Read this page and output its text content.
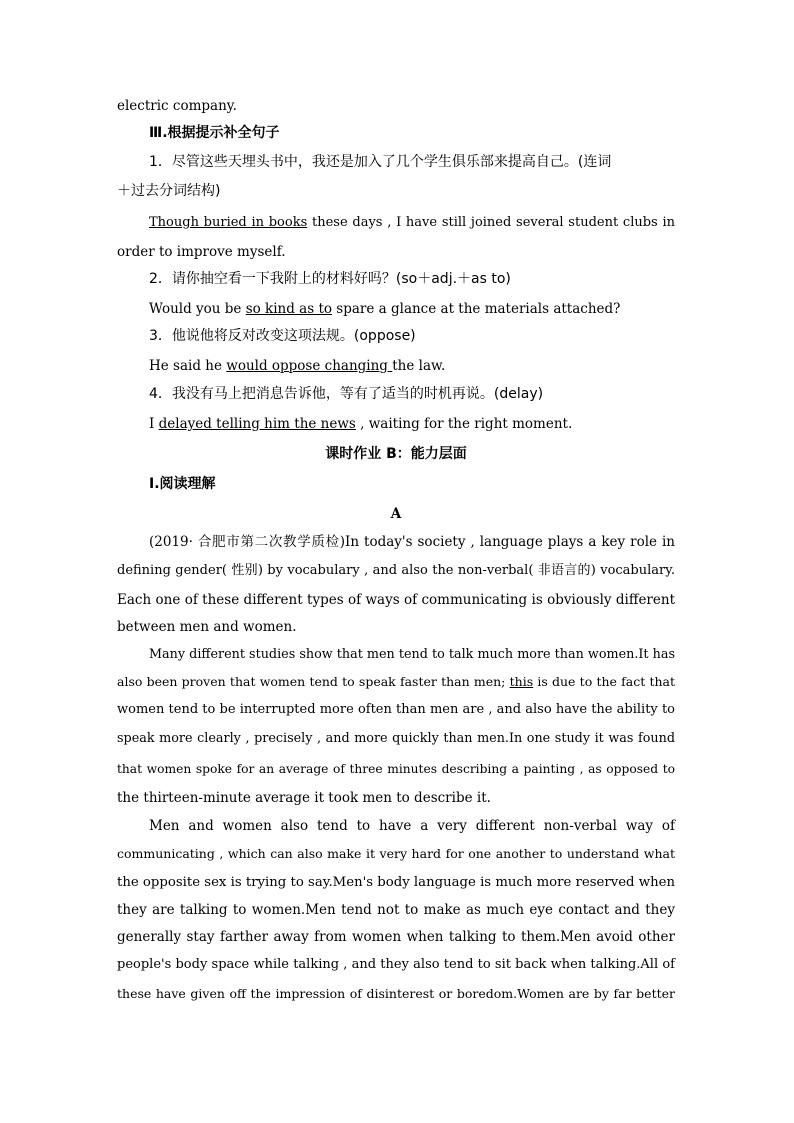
electric company.
Ⅲ.根据提示补全句子
1．尽管这些天埋头书中，我还是加入了几个学生俱乐部来提高自己。(连词
＋过去分词结构)
Though buried in books these days , I have still joined several student clubs in
order to improve myself.
2．请你抽空看一下我附上的材料好吗？(so＋adj.＋as to)
Would you be so kind as to spare a glance at the materials attached?
3．他说他将反对改变这项法规。(oppose)
He said he would oppose changing the law.
4．我没有马上把消息告诉他，等有了适当的时机再说。(delay)
I delayed telling him the news , waiting for the right moment.
课时作业 B：能力层面
Ⅰ.阅读理解
A
(2019· 合肥市第二次教学质检)In today's society , language plays a key role in
defining gender( 性别) by vocabulary , and also the non-verbal( 非语言的) vocabulary.
Each one of these different types of ways of communicating is obviously different
between men and women.
Many different studies show that men tend to talk much more than women.It has
also been proven that women tend to speak faster than men; this is due to the fact that
women tend to be interrupted more often than men are , and also have the ability to
speak more clearly , precisely , and more quickly than men.In one study it was found
that women spoke for an average of three minutes describing a painting , as opposed to
the thirteen-minute average it took men to describe it.
Men and women also tend to have a very different non-verbal way of
communicating , which can also make it very hard for one another to understand what
the opposite sex is trying to say.Men's body language is much more reserved when
they are talking to women.Men tend not to make as much eye contact and they
generally stay farther away from women when talking to them.Men avoid other
people's body space while talking , and they also tend to sit back when talking.All of
these have given off the impression of disinterest or boredom.Women are by far better
